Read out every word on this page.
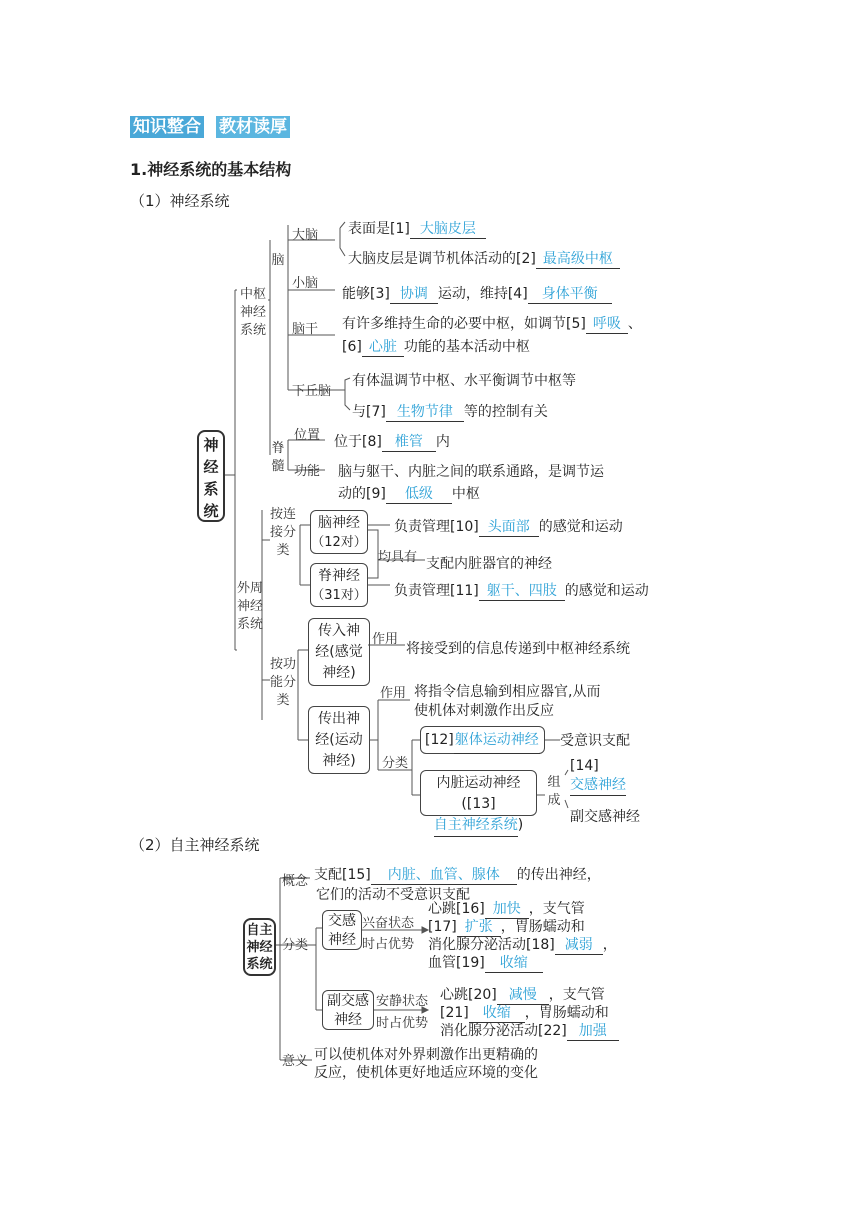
知识整合 教材读厚
1.神经系统的基本结构
（1）神经系统
神经系统
中枢神经系统
脑
大脑 表面是[1] 大脑皮层
大脑皮层是调节机体活动的[2] 最高级中枢
小脑
能够[3] 协调 运动，维持[4] 身体平衡
脑干 有许多维持生命的必要中枢，如调节[5] 呼吸 、
[6] 心脏 功能的基本活动中枢
下丘脑
有体温调节中枢、水平衡调节中枢等
与[7] 生物节律 等的控制有关
脊髓
位置 位于[8] 椎管 内
功能 脑与躯干、内脏之间的联系通路，是调节运
动的[9] 低级 中枢
外周神经系统
按连接分类
脑神经
（12对）
负责管理[10] 头面部 的感觉和运动
均具有 支配内脏器官的神经
脊神经
（31对） 负责管理[11] 躯干、四肢 的感觉和运动
按功能分类
传入神经(感觉神经)
作用
将接受到的信息传递到中枢神经系统
传出神经(运动神经)
作用 将指令信息输到相应器官,从而
使机体对刺激作出反应
分类
[12]躯体运动神经	受意识支配
内脏运动神经
([13]自主神经系统)
组成
[14]交感神经
副交感神经
（2）自主神经系统
自主神经系统
概念 支配[15] 内脏、血管、腺体 的传出神经，
它们的活动不受意识支配
分类
交感神经
兴奋状态
时占优势
心跳[16] 加快 ，支气管
[17] 扩张 ，胃肠蠕动和
消化腺分泌活动[18] 减弱 ，
血管[19] 收缩
副交感神经
安静状态
时占优势
心跳[20] 减慢 ，支气管
[21] 收缩 ，胃肠蠕动和
消化腺分泌活动[22] 加强
意义 可以使机体对外界刺激作出更精确的
反应，使机体更好地适应环境的变化
